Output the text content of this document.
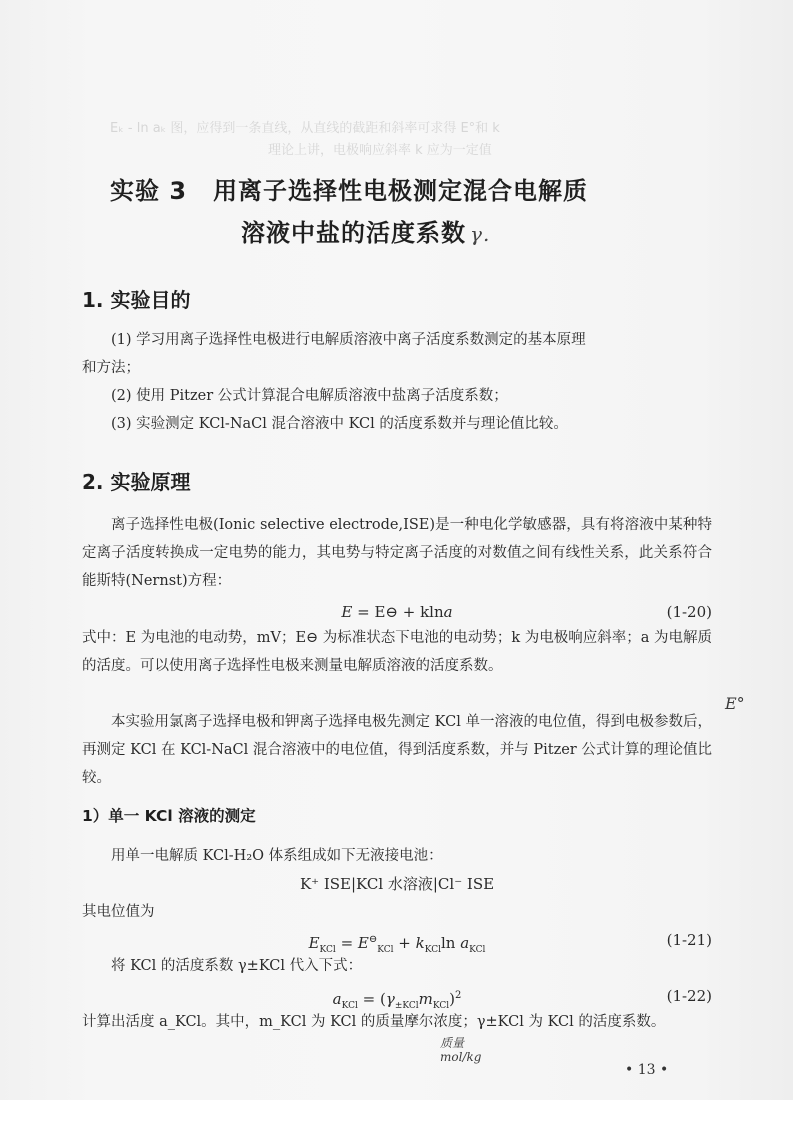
Eₖ - ln aₖ 图，应得到一条直线，从直线的截距和斜率可求得 E°和 k
理论上讲，电极响应斜率 k 应为一定值
实验 3 用离子选择性电极测定混合电解质
溶液中盐的活度系数 γ.
1. 实验目的
(1) 学习用离子选择性电极进行电解质溶液中离子活度系数测定的基本原理
和方法；
(2) 使用 Pitzer 公式计算混合电解质溶液中盐离子活度系数；
(3) 实验测定 KCl-NaCl 混合溶液中 KCl 的活度系数并与理论值比较。
2. 实验原理
离子选择性电极(Ionic selective electrode,ISE)是一种电化学敏感器，具有将溶液中某种特定离子活度转换成一定电势的能力，其电势与特定离子活度的对数值之间有线性关系，此关系符合能斯特(Nernst)方程：
E = E⊖ + klna	(1-20)
式中：E 为电池的电动势，mV；E⊖ 为标准状态下电池的电动势；k 为电极响应斜率；a 为电解质的活度。可以使用离子选择性电极来测量电解质溶液的活度系数。
本实验用氯离子选择电极和钾离子选择电极先测定 KCl 单一溶液的电位值，得到电极参数后，再测定 KCl 在 KCl-NaCl 混合溶液中的电位值，得到活度系数，并与 Pitzer 公式计算的理论值比较。
E°
1）单一 KCl 溶液的测定
用单一电解质 KCl-H₂O 体系组成如下无液接电池：
K⁺ ISE|KCl 水溶液|Cl⁻ ISE
其电位值为
$E_{KCl} = E^⊖_{KCl} + k_{KCl}\ln$ $a_{KCl}$
(1-21)
将 KCl 的活度系数 γ±KCl 代入下式：
$a_{KCl} = (\gamma_{\pm KCl}m_{KCl})^2$	(1-22)
计算出活度 a_KCl。其中，m_KCl 为 KCl 的质量摩尔浓度；γ±KCl 为 KCl 的活度系数。
质量 mol/kg
• 13 •
